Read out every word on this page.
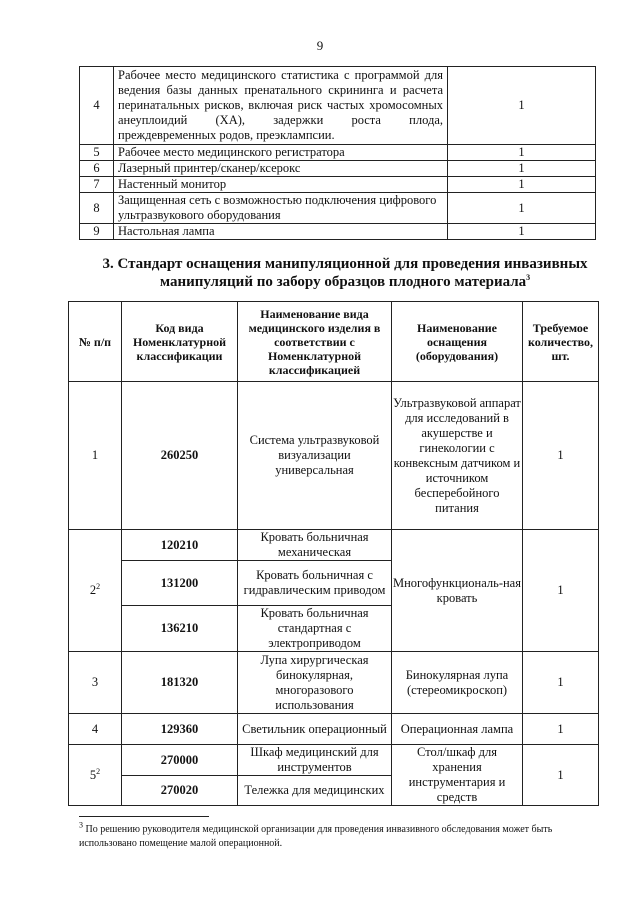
9
4	Рабочее место медицинского статистика с программой для ведения базы данных пренатального скрининга и расчета перинатальных рисков, включая риск частых хромосомных анеуплоидий (ХА), задержки роста плода, преждевременных родов, преэклампсии.	1
5	Рабочее место медицинского регистратора	1
6	Лазерный принтер/сканер/ксерокс	1
7	Настенный монитор	1
8	Защищенная сеть с возможностью подключения цифрового ультразвукового оборудования	1
9	Настольная лампа	1
3. Стандарт оснащения манипуляционной для проведения инвазивных манипуляций по забору образцов плодного материала$^3$
№ п/п	Код вида Номенклатурной классификации	Наименование вида медицинского изделия в соответствии с Номенклатурной классификацией	Наименование оснащения (оборудования)	Требуемое количество, шт.
1	260250	Система ультразвуковой визуализации универсальная	Ультразвуковой аппарат для исследований в акушерстве и гинекологии с конвексным датчиком и источником бесперебойного питания	1
$2^2$	120210	Кровать больничная механическая	Многофункциональ-ная кровать	1
	131200	Кровать больничная с гидравлическим приводом		
	136210	Кровать больничная стандартная с электроприводом		
3	181320	Лупа хирургическая бинокулярная, многоразового использования	Бинокулярная лупа (стереомикроскоп)	1
4	129360	Светильник операционный	Операционная лампа	1
$5^2$	270000	Шкаф медицинский для инструментов	Стол/шкаф для хранения инструментария и средств	1
	270020	Тележка для медицинских		
$^3$ По решению руководителя медицинской организации для проведения инвазивного обследования может быть использовано помещение малой операционной.
